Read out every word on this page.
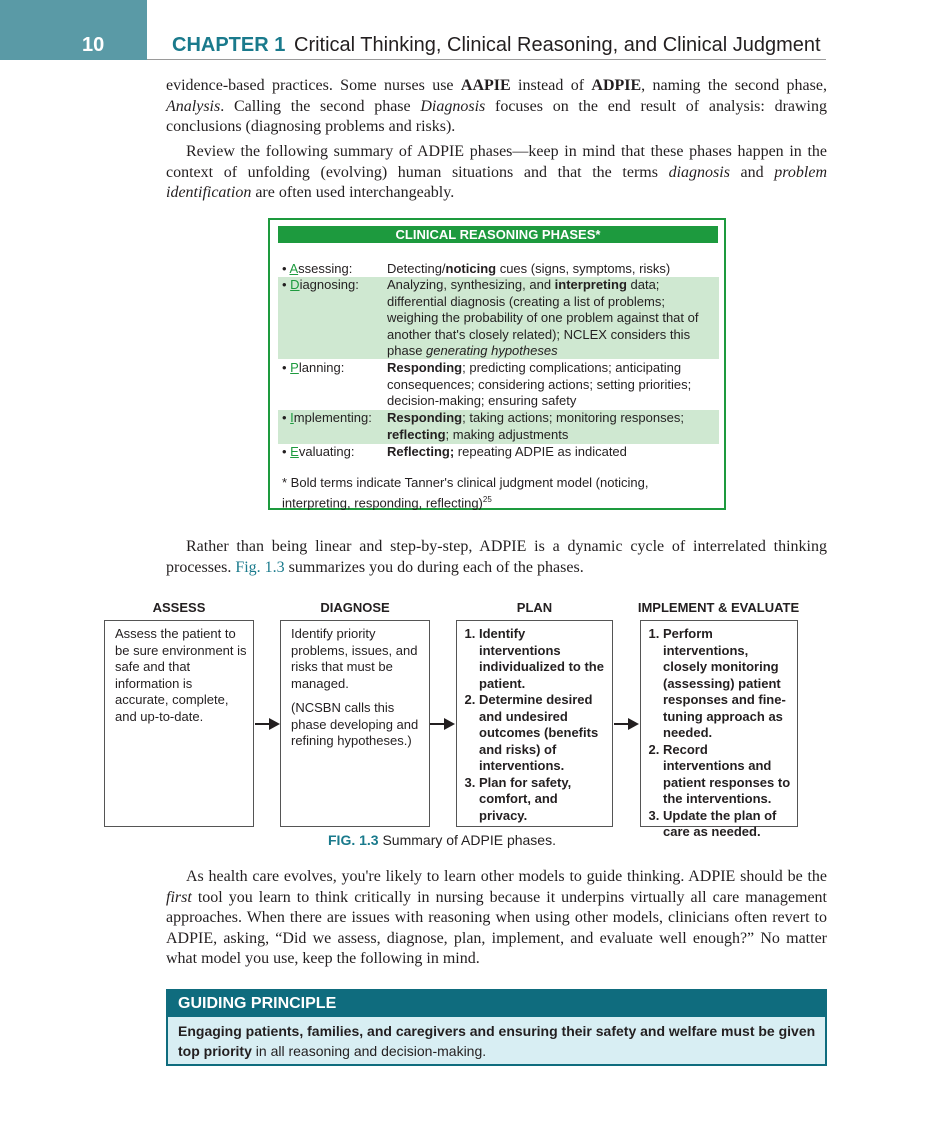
10	CHAPTER 1 Critical Thinking, Clinical Reasoning, and Clinical Judgment
evidence-based practices. Some nurses use AAPIE instead of ADPIE, naming the second phase, Analysis. Calling the second phase Diagnosis focuses on the end result of analysis: drawing conclusions (diagnosing problems and risks).
Review the following summary of ADPIE phases—keep in mind that these phases happen in the context of unfolding (evolving) human situations and that the terms diagnosis and problem identification are often used interchangeably.
CLINICAL REASONING PHASES*
* Bold terms indicate Tanner's clinical judgment model (noticing, interpreting, responding, reflecting)$^{25}$
• Assessing:	Detecting/noticing cues (signs, symptoms, risks)
• Diagnosing: Analyzing, synthesizing, and interpreting data; differential diagnosis (creating a list of problems; weighing the probability of one problem against that of another that's closely related); NCLEX considers this phase generating hypotheses
• Planning:	Responding; predicting complications; anticipating consequences; considering actions; setting priorities; decision-making; ensuring safety
• Implementing: Responding; taking actions; monitoring responses; reflecting; making adjustments
• Evaluating:	Reflecting; repeating ADPIE as indicated
Rather than being linear and step-by-step, ADPIE is a dynamic cycle of interrelated thinking processes. Fig. 1.3 summarizes you do during each of the phases.
ASSESS	DIAGNOSE	PLAN	IMPLEMENT & EVALUATE
Assess the patient to be sure environment is safe and that information is accurate, complete, and up-to-date.

Identify priority problems, issues, and risks that must be managed.

(NCSBN calls this phase developing and refining hypotheses.)

1. Identify interventions individualized to the patient.
2. Determine desired and undesired outcomes (benefits and risks) of interventions.
3. Plan for safety, comfort, and privacy.
1. Perform interventions, closely monitoring (assessing) patient responses and fine-tuning approach as needed.
2. Record interventions and patient responses to the interventions.
3. Update the plan of care as needed.
FIG. 1.3 Summary of ADPIE phases.
As health care evolves, you're likely to learn other models to guide thinking. ADPIE should be the first tool you learn to think critically in nursing because it underpins virtually all care management approaches. When there are issues with reasoning when using other models, clinicians often revert to ADPIE, asking, “Did we assess, diagnose, plan, implement, and evaluate well enough?” No matter what model you use, keep the following in mind.
GUIDING PRINCIPLE
Engaging patients, families, and caregivers and ensuring their safety and welfare must be given top priority in all reasoning and decision-making.
